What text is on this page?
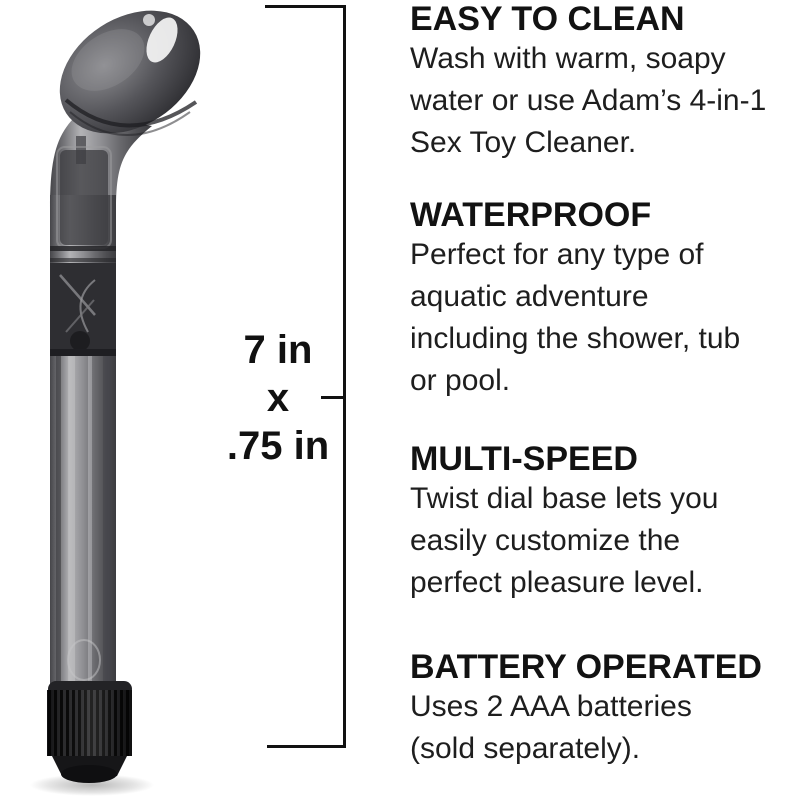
7 in
x
.75 in
EASY TO CLEAN
Wash with warm, soapy
water or use Adam’s 4-in-1
Sex Toy Cleaner.
WATERPROOF
Perfect for any type of
aquatic adventure
including the shower, tub
or pool.
MULTI-SPEED
Twist dial base lets you
easily customize the
perfect pleasure level.
BATTERY OPERATED
Uses 2 AAA batteries
(sold separately).
